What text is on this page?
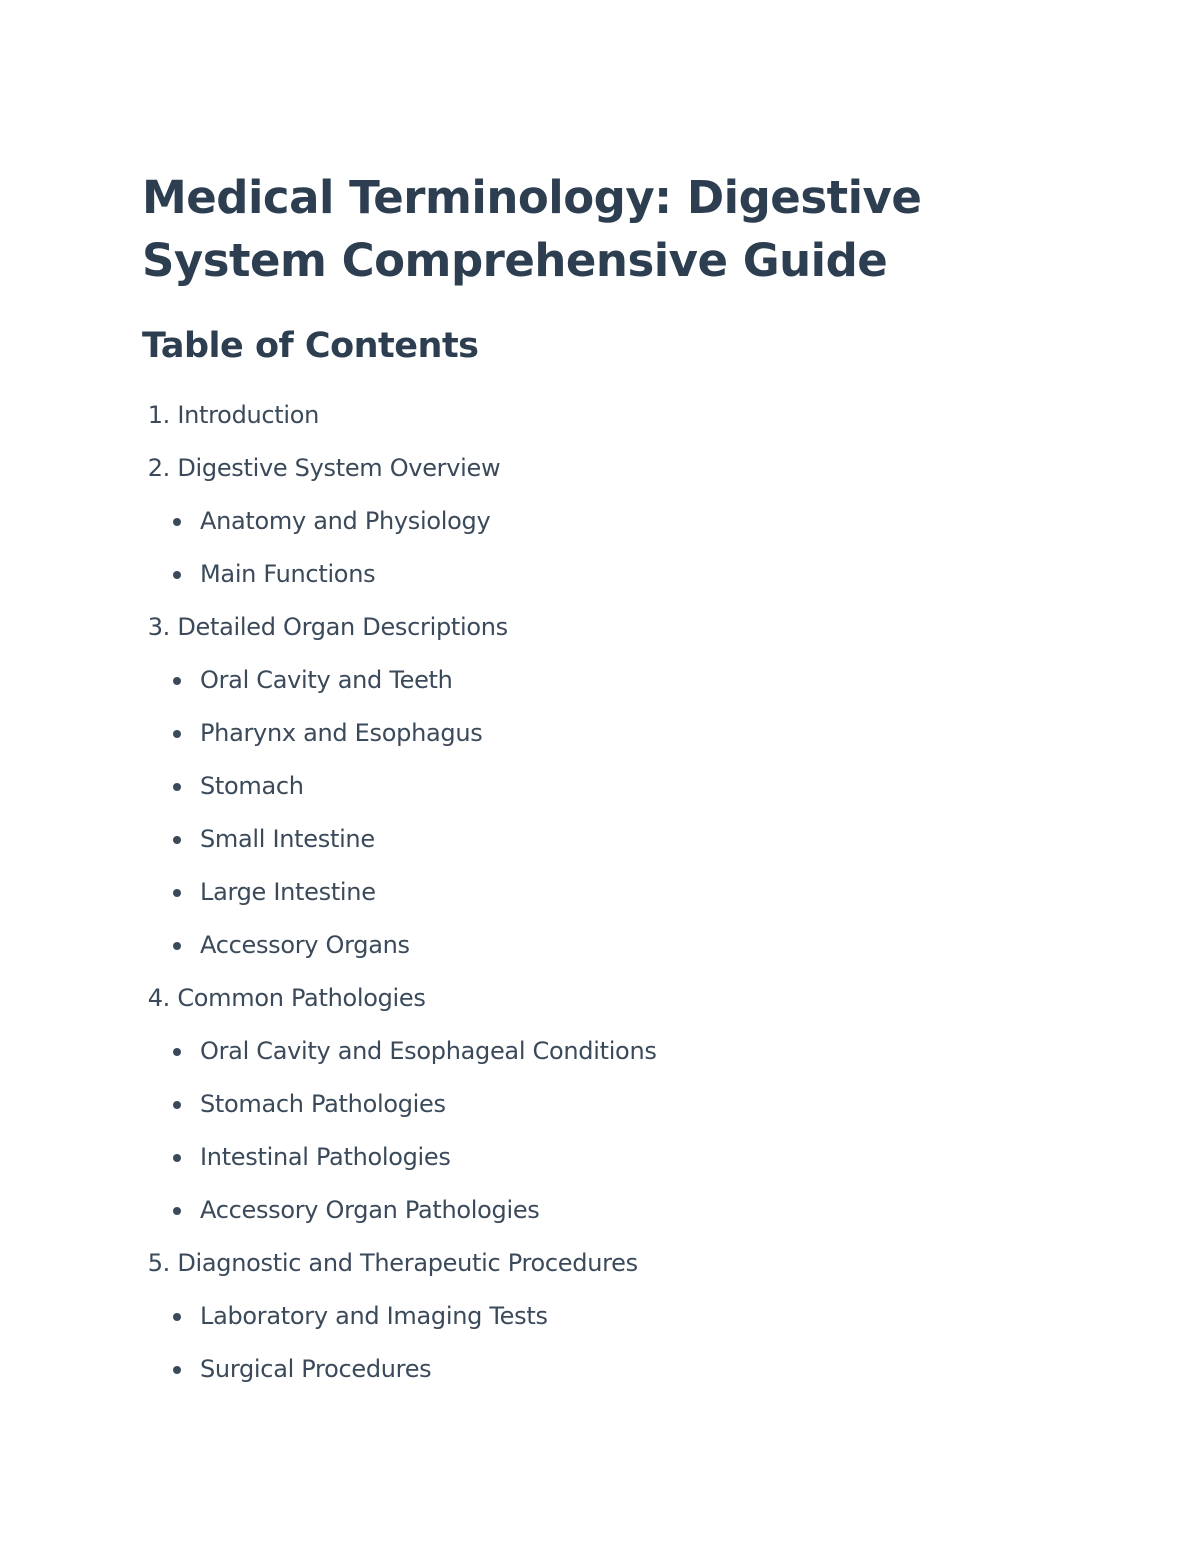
Medical Terminology: Digestive System Comprehensive Guide
Table of Contents
1. Introduction
2. Digestive System Overview
Anatomy and Physiology
Main Functions
3. Detailed Organ Descriptions
Oral Cavity and Teeth
Pharynx and Esophagus
Stomach
Small Intestine
Large Intestine
Accessory Organs
4. Common Pathologies
Oral Cavity and Esophageal Conditions
Stomach Pathologies
Intestinal Pathologies
Accessory Organ Pathologies
5. Diagnostic and Therapeutic Procedures
Laboratory and Imaging Tests
Surgical Procedures
